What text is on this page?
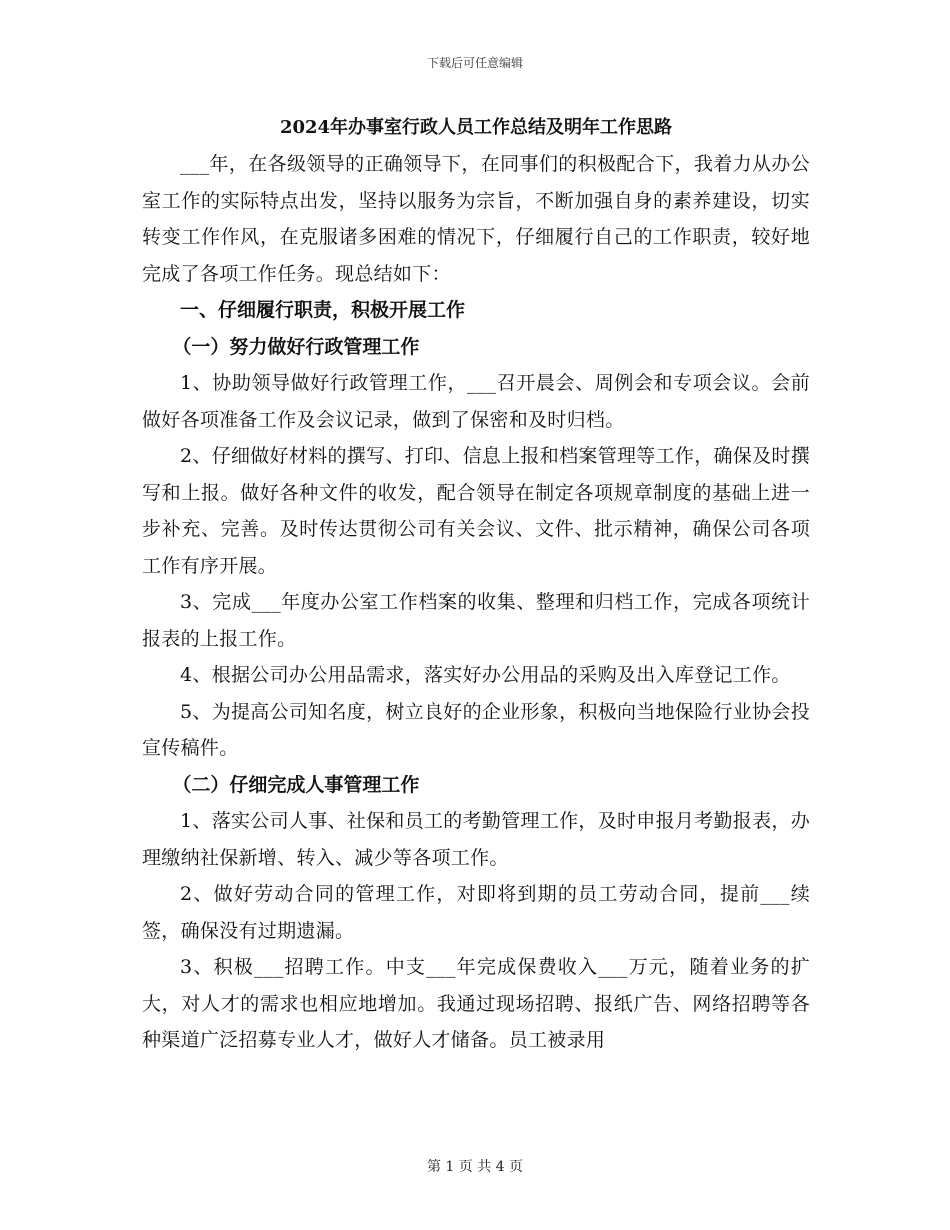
下载后可任意编辑

2024年办事室行政人员工作总结及明年工作思路

___年，在各级领导的正确领导下，在同事们的积极配合下，我着力从办公室工作的实际特点出发，坚持以服务为宗旨，不断加强自身的素养建设，切实转变工作作风，在克服诸多困难的情况下，仔细履行自己的工作职责，较好地完成了各项工作任务。现总结如下：

一、仔细履行职责，积极开展工作

（一）努力做好行政管理工作

1、协助领导做好行政管理工作，___召开晨会、周例会和专项会议。会前做好各项准备工作及会议记录，做到了保密和及时归档。

2、仔细做好材料的撰写、打印、信息上报和档案管理等工作，确保及时撰写和上报。做好各种文件的收发，配合领导在制定各项规章制度的基础上进一步补充、完善。及时传达贯彻公司有关会议、文件、批示精神，确保公司各项工作有序开展。

3、完成___年度办公室工作档案的收集、整理和归档工作，完成各项统计报表的上报工作。

4、根据公司办公用品需求，落实好办公用品的采购及出入库登记工作。

5、为提高公司知名度，树立良好的企业形象，积极向当地保险行业协会投宣传稿件。

（二）仔细完成人事管理工作

1、落实公司人事、社保和员工的考勤管理工作，及时申报月考勤报表，办理缴纳社保新增、转入、减少等各项工作。

2、做好劳动合同的管理工作，对即将到期的员工劳动合同，提前___续签，确保没有过期遗漏。

3、积极___招聘工作。中支___年完成保费收入___万元，随着业务的扩大，对人才的需求也相应地增加。我通过现场招聘、报纸广告、网络招聘等各种渠道广泛招募专业人才，做好人才储备。员工被录用

第 1 页 共 4 页
